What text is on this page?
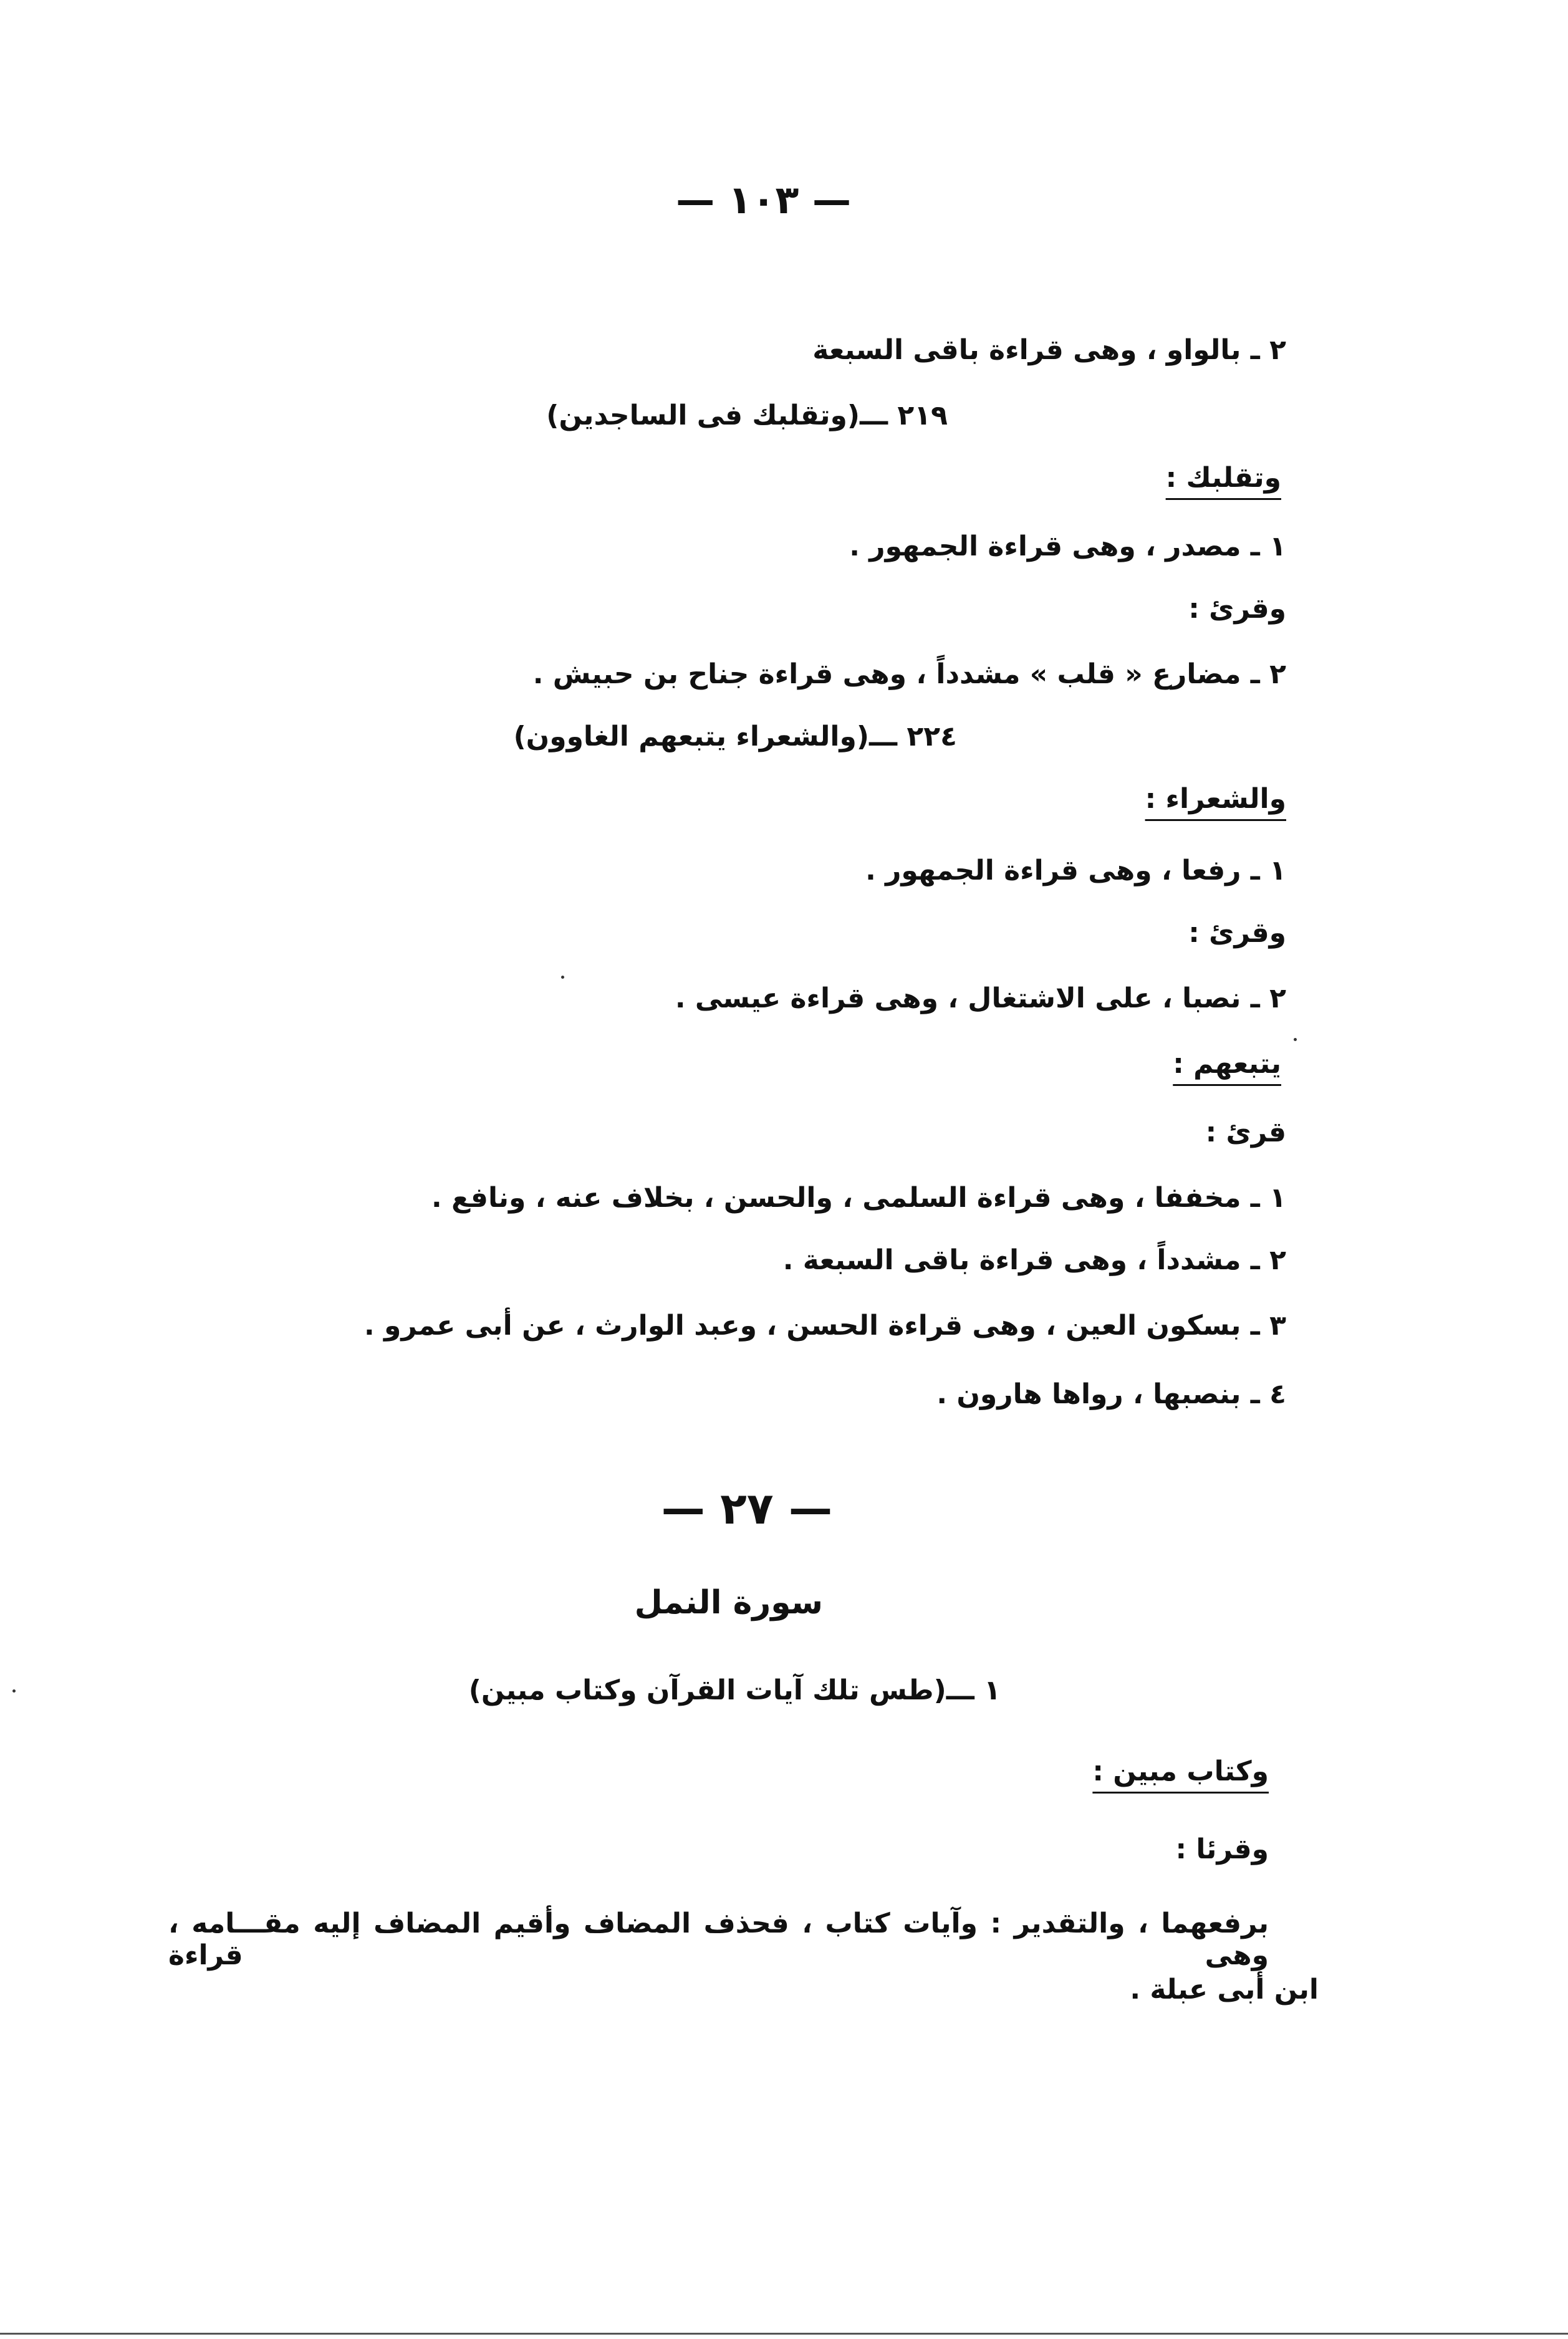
— ١٠٣ —
٢ ـ بالواو ، وهى قراءة باقى السبعة
٢١٩ ـــ(وتقلبك فى الساجدين)
وتقلبك :
١ ـ مصدر ، وهى قراءة الجمهور .
وقرئ :
٢ ـ مضارع « قلب » مشدداً ، وهى قراءة جناح بن حبيش .
٢٢٤ ـــ(والشعراء يتبعهم الغاوون)
والشعراء :
١ ـ رفعا ، وهى قراءة الجمهور .
وقرئ :
٢ ـ نصبا ، على الاشتغال ، وهى قراءة عيسى .
يتبعهم :
قرئ :
١ ـ مخففا ، وهى قراءة السلمى ، والحسن ، بخلاف عنه ، ونافع .
٢ ـ مشدداً ، وهى قراءة باقى السبعة .
٣ ـ بسكون العين ، وهى قراءة الحسن ، وعبد الوارث ، عن أبى عمرو .
٤ ـ بنصبها ، رواها هارون .
— ٢٧ —
سورة النمل
١ ـــ(طس تلك آيات القرآن وكتاب مبين)
وكتاب مبين :
وقرئا :
برفعهما ، والتقدير : وآيات كتاب ، فحذف المضاف وأقيم المضاف إليه مقـــامه ، وهى قراءة
ابن أبى عبلة .
